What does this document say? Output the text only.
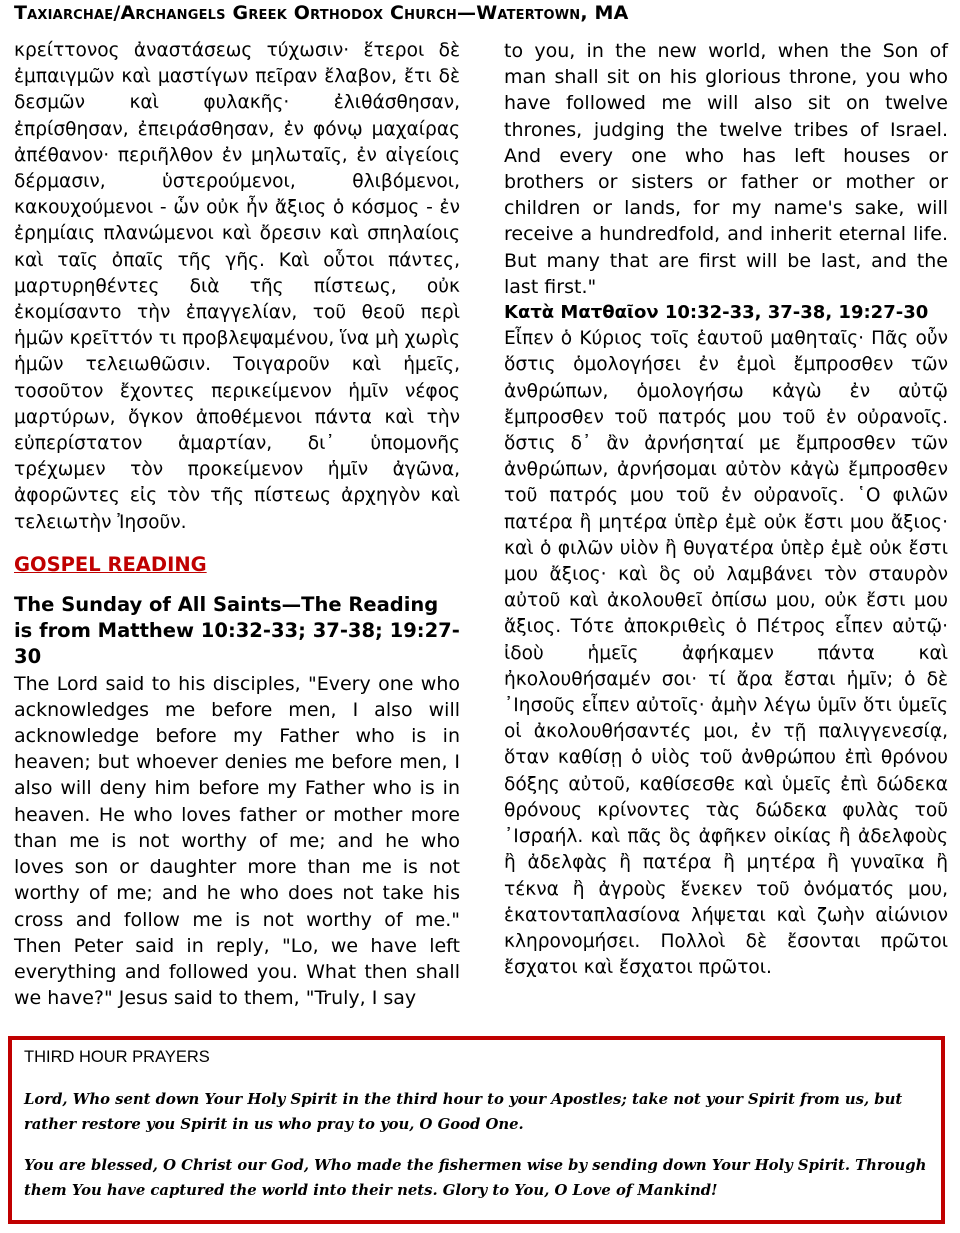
Taxiarchae/Archangels Greek Orthodox Church—Watertown, MA

κρείττονος ἀναστάσεως τύχωσιν· ἕτεροι δὲ ἐμπαιγμῶν καὶ μαστίγων πεῖραν ἔλαβον, ἔτι δὲ δεσμῶν καὶ φυλακῆς· ἐλιθάσθησαν, ἐπρίσθησαν, ἐπειράσθησαν, ἐν φόνῳ μαχαίρας ἀπέθανον· περιῆλθον ἐν μηλωταῖς, ἐν αἰγείοις δέρμασιν, ὑστερούμενοι, θλιβόμενοι, κακουχούμενοι - ὧν οὐκ ἦν ἄξιος ὁ κόσμος - ἐν ἐρημίαις πλανώμενοι καὶ ὄρεσιν καὶ σπηλαίοις καὶ ταῖς ὀπαῖς τῆς γῆς. Καὶ οὗτοι πάντες, μαρτυρηθέντες διὰ τῆς πίστεως, οὐκ ἐκομίσαντο τὴν ἐπαγγελίαν, τοῦ θεοῦ περὶ ἡμῶν κρεῖττόν τι προβλεψαμένου, ἵνα μὴ χωρὶς ἡμῶν τελειωθῶσιν. Τοιγαροῦν καὶ ἡμεῖς, τοσοῦτον ἔχοντες περικείμενον ἡμῖν νέφος μαρτύρων, ὄγκον ἀποθέμενοι πάντα καὶ τὴν εὐπερίστατον ἁμαρτίαν, δι᾽ ὑπομονῆς τρέχωμεν τὸν προκείμενον ἡμῖν ἀγῶνα, ἀφορῶντες εἰς τὸν τῆς πίστεως ἀρχηγὸν καὶ τελειωτὴν Ἰησοῦν.

GOSPEL READING

The Sunday of All Saints—The Reading is from Matthew 10:32-33; 37-38; 19:27-30

The Lord said to his disciples, "Every one who acknowledges me before men, I also will acknowledge before my Father who is in heaven; but whoever denies me before men, I also will deny him before my Father who is in heaven. He who loves father or mother more than me is not worthy of me; and he who loves son or daughter more than me is not worthy of me; and he who does not take his cross and follow me is not worthy of me." Then Peter said in reply, "Lo, we have left everything and followed you. What then shall we have?" Jesus said to them, "Truly, I say

to you, in the new world, when the Son of man shall sit on his glorious throne, you who have followed me will also sit on twelve thrones, judging the twelve tribes of Israel. And every one who has left houses or brothers or sisters or father or mother or children or lands, for my name's sake, will receive a hundredfold, and inherit eternal life. But many that are first will be last, and the last first."

Κατὰ Ματθαῖον 10:32-33, 37-38, 19:27-30

Εἶπεν ὁ Κύριος τοῖς ἑαυτοῦ μαθηταῖς· Πᾶς οὖν ὅστις ὁμολογήσει ἐν ἐμοὶ ἔμπροσθεν τῶν ἀνθρώπων, ὁμολογήσω κἀγὼ ἐν αὐτῷ ἔμπροσθεν τοῦ πατρός μου τοῦ ἐν οὐρανοῖς. ὅστις δ᾽ ἂν ἀρνήσηταί με ἔμπροσθεν τῶν ἀνθρώπων, ἀρνήσομαι αὐτὸν κἀγὼ ἔμπροσθεν τοῦ πατρός μου τοῦ ἐν οὐρανοῖς. ῾Ο φιλῶν πατέρα ἢ μητέρα ὑπὲρ ἐμὲ οὐκ ἔστι μου ἄξιος· καὶ ὁ φιλῶν υἱὸν ἢ θυγατέρα ὑπὲρ ἐμὲ οὐκ ἔστι μου ἄξιος· καὶ ὃς οὐ λαμβάνει τὸν σταυρὸν αὐτοῦ καὶ ἀκολουθεῖ ὀπίσω μου, οὐκ ἔστι μου ἄξιος. Τότε ἀποκριθεὶς ὁ Πέτρος εἶπεν αὐτῷ· ἰδοὺ ἡμεῖς ἀφήκαμεν πάντα καὶ ἠκολουθήσαμέν σοι· τί ἄρα ἔσται ἡμῖν; ὁ δὲ ᾿Ιησοῦς εἶπεν αὐτοῖς· ἀμὴν λέγω ὑμῖν ὅτι ὑμεῖς οἱ ἀκολουθήσαντές μοι, ἐν τῇ παλιγγενεσίᾳ, ὅταν καθίσῃ ὁ υἱὸς τοῦ ἀνθρώπου ἐπὶ θρόνου δόξης αὐτοῦ, καθίσεσθε καὶ ὑμεῖς ἐπὶ δώδεκα θρόνους κρίνοντες τὰς δώδεκα φυλὰς τοῦ ᾿Ισραήλ. καὶ πᾶς ὃς ἀφῆκεν οἰκίας ἢ ἀδελφοὺς ἢ ἀδελφὰς ἢ πατέρα ἢ μητέρα ἢ γυναῖκα ἢ τέκνα ἢ ἀγροὺς ἕνεκεν τοῦ ὀνόματός μου, ἑκατονταπλασίονα λήψεται καὶ ζωὴν αἰώνιον κληρονομήσει. Πολλοὶ δὲ ἔσονται πρῶτοι ἔσχατοι καὶ ἔσχατοι πρῶτοι.

THIRD HOUR PRAYERS
Lord, Who sent down Your Holy Spirit in the third hour to your Apostles; take not your Spirit from us, but rather restore you Spirit in us who pray to you, O Good One.
You are blessed, O Christ our God, Who made the fishermen wise by sending down Your Holy Spirit. Through them You have captured the world into their nets. Glory to You, O Love of Mankind!
